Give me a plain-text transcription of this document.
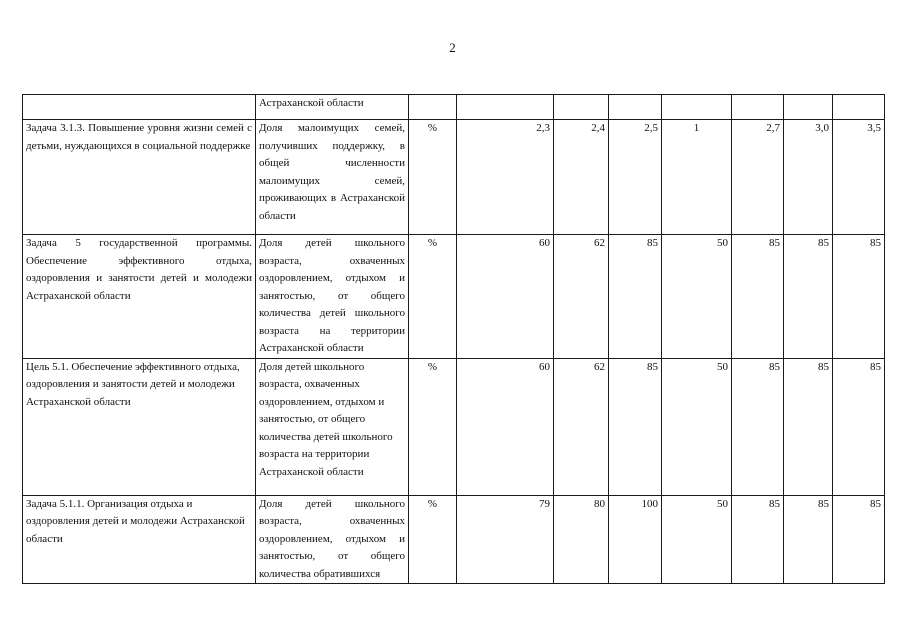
2
	Астраханской области								
Задача 3.1.3. Повышение уровня жизни семей с детьми, нуждающихся в социальной поддержке	Доля малоимущих семей, получивших поддержку, в общей численности малоимущих семей, проживающих в Астраханской области	%	2,3	2,4	2,5	1	2,7	3,0	3,5
Задача 5 государственной программы. Обеспечение эффективного отдыха, оздоровления и занятости детей и молодежи Астраханской области	Доля детей школьного возраста, охваченных оздоровлением, отдыхом и занятостью, от общего количества детей школьного возраста на территории Астраханской области	%	60	62	85	50	85	85	85
Цель 5.1. Обеспечение эффективного отдыха, оздоровления и занятости детей и молодежи Астраханской области	Доля детей школьного возраста, охваченных оздоровлением, отдыхом и занятостью, от общего количества детей школьного возраста на территории Астраханской области	%	60	62	85	50	85	85	85
Задача 5.1.1. Организация отдыха и оздоровления детей и молодежи Астраханской области	Доля детей школьного возраста, охваченных оздоровлением, отдыхом и занятостью, от общего количества обратившихся	%	79	80	100	50	85	85	85
